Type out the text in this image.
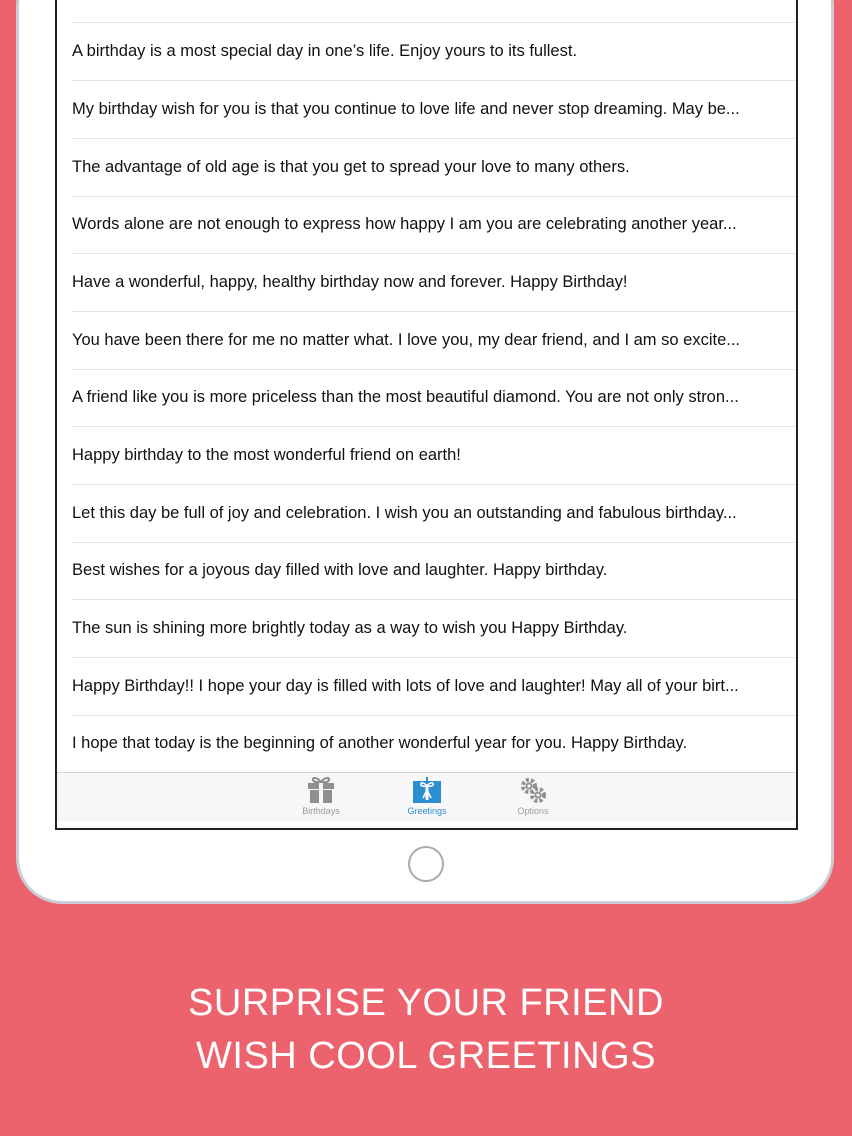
A birthday is a most special day in one’s life. Enjoy yours to its fullest.
My birthday wish for you is that you continue to love life and never stop dreaming. May be...
The advantage of old age is that you get to spread your love to many others.
Words alone are not enough to express how happy I am you are celebrating another year...
Have a wonderful, happy, healthy birthday now and forever. Happy Birthday!
You have been there for me no matter what. I love you, my dear friend, and I am so excite...
A friend like you is more priceless than the most beautiful diamond. You are not only stron...
Happy birthday to the most wonderful friend on earth!
Let this day be full of joy and celebration. I wish you an outstanding and fabulous birthday...
Best wishes for a joyous day filled with love and laughter. Happy birthday.
The sun is shining more brightly today as a way to wish you Happy Birthday.
Happy Birthday!! I hope your day is filled with lots of love and laughter! May all of your birt...
I hope that today is the beginning of another wonderful year for you. Happy Birthday.
Birthdays	Greetings	Options
SURPRISE YOUR FRIEND
WISH COOL GREETINGS
